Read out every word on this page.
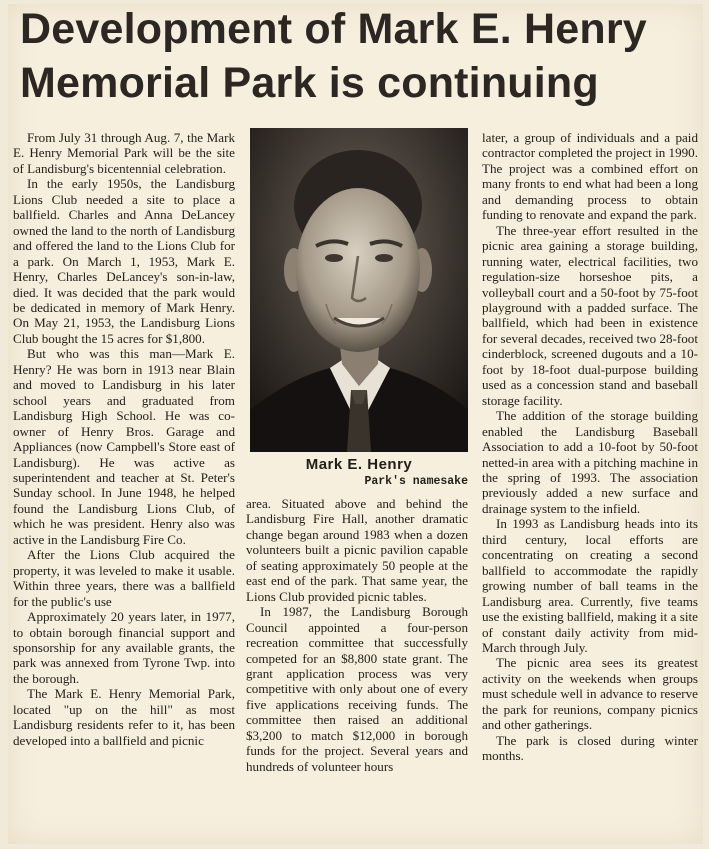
Development of Mark E. Henry Memorial Park is continuing

From July 31 through Aug. 7, the Mark E. Henry Memorial Park will be the site of Landisburg's bicentennial celebration.

In the early 1950s, the Landisburg Lions Club needed a site to place a ballfield. Charles and Anna DeLancey owned the land to the north of Landisburg and offered the land to the Lions Club for a park. On March 1, 1953, Mark E. Henry, Charles DeLancey's son-in-law, died. It was decided that the park would be dedicated in memory of Mark Henry. On May 21, 1953, the Landisburg Lions Club bought the 15 acres for $1,800.

But who was this man—Mark E. Henry? He was born in 1913 near Blain and moved to Landisburg in his later school years and graduated from Landisburg High School. He was co-owner of Henry Bros. Garage and Appliances (now Campbell's Store east of Landisburg). He was active as superintendent and teacher at St. Peter's Sunday school. In June 1948, he helped found the Landisburg Lions Club, of which he was president. Henry also was active in the Landisburg Fire Co.

After the Lions Club acquired the property, it was leveled to make it usable. Within three years, there was a ballfield for the public's use

Approximately 20 years later, in 1977, to obtain borough financial support and sponsorship for any available grants, the park was annexed from Tyrone Twp. into the borough.

The Mark E. Henry Memorial Park, located "up on the hill" as most Landisburg residents refer to it, has been developed into a ballfield and picnic

Mark E. Henry
Park's namesake

area. Situated above and behind the Landisburg Fire Hall, another dramatic change began around 1983 when a dozen volunteers built a picnic pavilion capable of seating approximately 50 people at the east end of the park. That same year, the Lions Club provided picnic tables.

In 1987, the Landisburg Borough Council appointed a four-person recreation committee that successfully competed for an $8,800 state grant. The grant application process was very competitive with only about one of every five applications receiving funds. The committee then raised an additional $3,200 to match $12,000 in borough funds for the project. Several years and hundreds of volunteer hours

later, a group of individuals and a paid contractor completed the project in 1990. The project was a combined effort on many fronts to end what had been a long and demanding process to obtain funding to renovate and expand the park.

The three-year effort resulted in the picnic area gaining a storage building, running water, electrical facilities, two regulation-size horseshoe pits, a volleyball court and a 50-foot by 75-foot playground with a padded surface. The ballfield, which had been in existence for several decades, received two 28-foot cinderblock, screened dugouts and a 10-foot by 18-foot dual-purpose building used as a concession stand and baseball storage facility.

The addition of the storage building enabled the Landisburg Baseball Association to add a 10-foot by 50-foot netted-in area with a pitching machine in the spring of 1993. The association previously added a new surface and drainage system to the infield.

In 1993 as Landisburg heads into its third century, local efforts are concentrating on creating a second ballfield to accommodate the rapidly growing number of ball teams in the Landisburg area. Currently, five teams use the existing ballfield, making it a site of constant daily activity from mid-March through July.

The picnic area sees its greatest activity on the weekends when groups must schedule well in advance to reserve the park for reunions, company picnics and other gatherings.

The park is closed during winter months.
